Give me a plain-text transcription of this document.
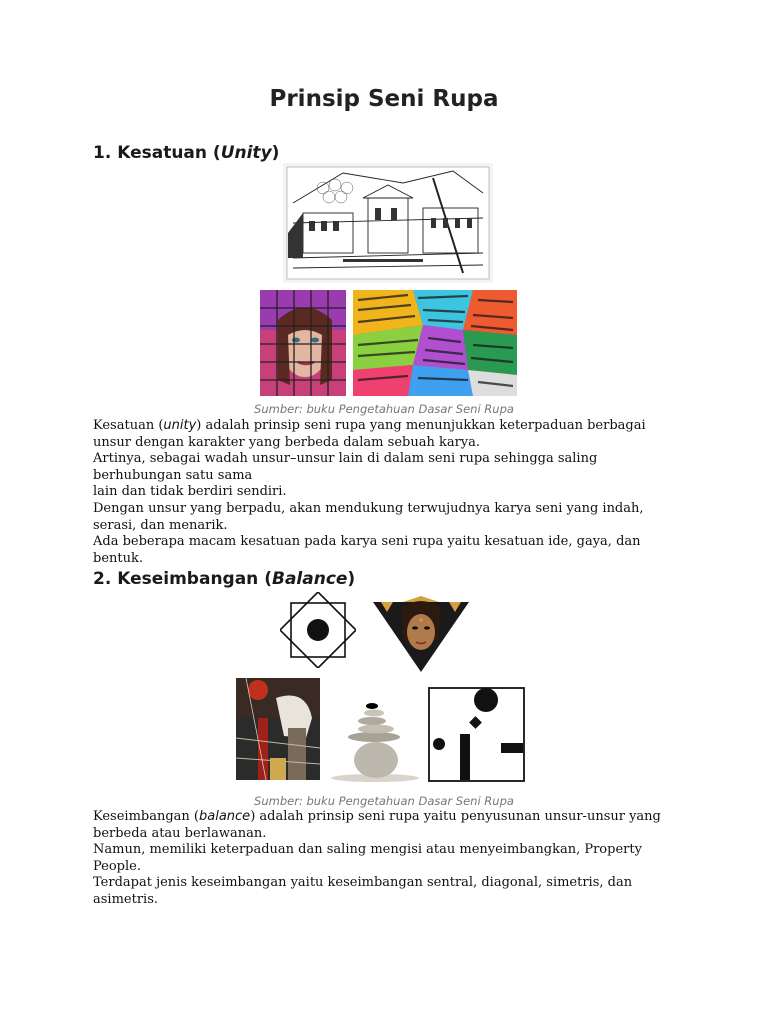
Prinsip Seni Rupa
1. Kesatuan (Unity)
Sumber: buku Pengetahuan Dasar Seni Rupa

Kesatuan (unity) adalah prinsip seni rupa yang menunjukkan keterpaduan berbagai unsur dengan karakter yang berbeda dalam sebuah karya.

Artinya, sebagai wadah unsur–unsur lain di dalam seni rupa sehingga saling berhubungan satu sama

lain dan tidak berdiri sendiri.

Dengan unsur yang berpadu, akan mendukung terwujudnya karya seni yang indah, serasi, dan menarik.

Ada beberapa macam kesatuan pada karya seni rupa yaitu kesatuan ide, gaya, dan bentuk.

2. Keseimbangan (Balance)
Sumber: buku Pengetahuan Dasar Seni Rupa

Keseimbangan (balance) adalah prinsip seni rupa yaitu penyusunan unsur-unsur yang berbeda atau berlawanan.

Namun, memiliki keterpaduan dan saling mengisi atau menyeimbangkan, Property People.

Terdapat jenis keseimbangan yaitu keseimbangan sentral, diagonal, simetris, dan asimetris.
